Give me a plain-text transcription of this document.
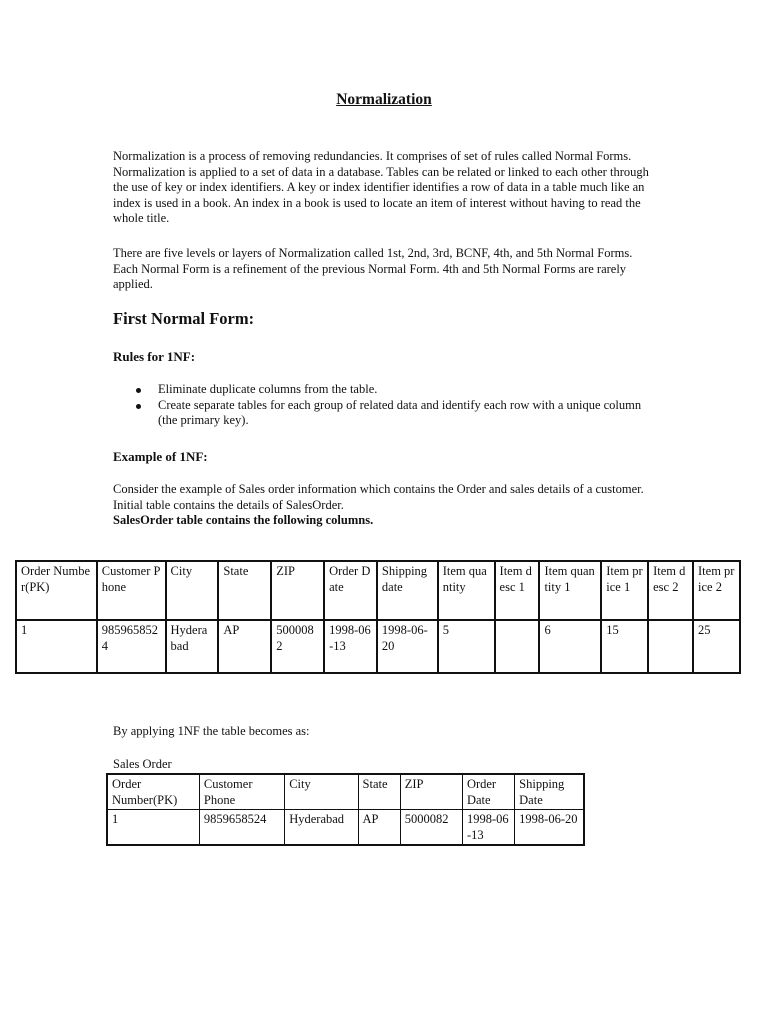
Normalization
Normalization is a process of removing redundancies. It comprises of set of rules called Normal Forms. Normalization is applied to a set of data in a database. Tables can be related or linked to each other through the use of key or index identifiers. A key or index identifier identifies a row of data in a table much like an index is used in a book. An index in a book is used to locate an item of interest without having to read the whole title.
There are five levels or layers of Normalization called 1st, 2nd, 3rd, BCNF, 4th, and 5th Normal Forms. Each Normal Form is a refinement of the previous Normal Form. 4th and 5th Normal Forms are rarely applied.
First Normal Form:
Rules for 1NF:
Eliminate duplicate columns from the table.
Create separate tables for each group of related data and identify each row with a unique column (the primary key).
Example of 1NF:
Consider the example of Sales order information which contains the Order and sales details of a customer.
Initial table contains the details of SalesOrder.
SalesOrder table contains the following columns.
Order Number(PK)	Customer Phone	City	State	ZIP	Order Date	Shipping date	Item quantity	Item desc 1	Item quantity 1	Item price 1	Item desc 2	Item price 2
1	9859658524	Hyderabad	AP	5000082	1998-06-13	1998-06-20	5		6	15		25
By applying 1NF the table becomes as:
Sales Order
Order Number(PK)	Customer Phone	City	State	ZIP	Order Date	Shipping Date
1	9859658524	Hyderabad	AP	5000082	1998-06-13	1998-06-20
